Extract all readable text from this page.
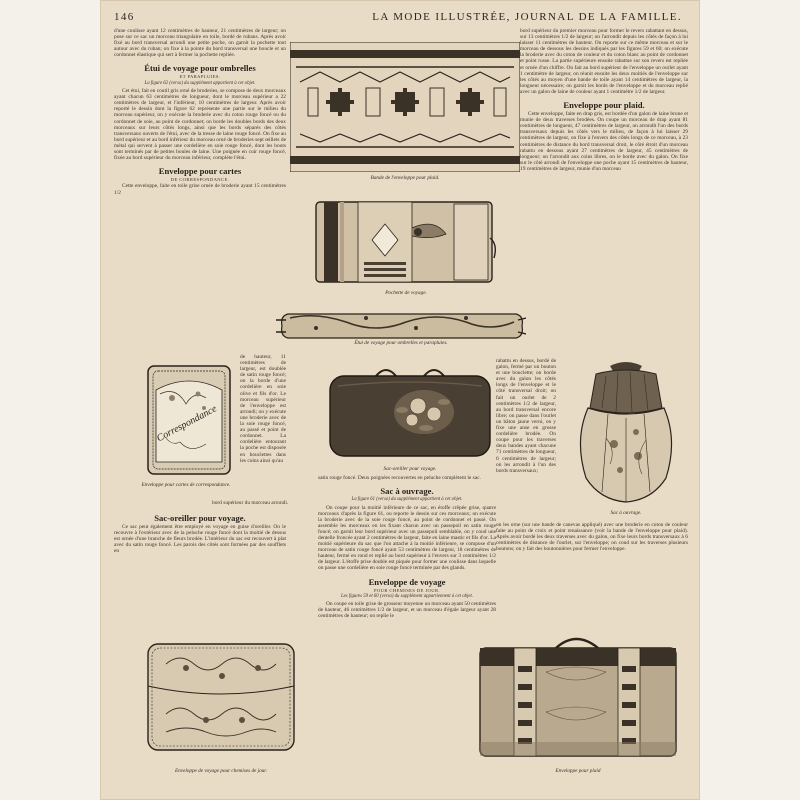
146	LA MODE ILLUSTRÉE, JOURNAL DE LA FAMILLE.

d'une coulisse ayant 12 centimètres de hauteur, 21 centimètres de largeur; on pose sur ce sac un morceau triangulaire en toile, bordé de rubans. Après avoir fixé au bord transversal arrondi une petite poche, on garnit la pochette tout autour avec du ruban; on fixe à la pointe du bord transversal une boucle et un cordonnet élastique qui sert à fermer la pochette repliée.

Étui de voyage pour ombrelles
ET PARAPLUIES.
La figure 62 (verso) du supplément appartient à cet objet.

Cet étui, fait en coutil gris orné de broderies, se compose de deux morceaux ayant chacun 63 centimètres de longueur, dont le morceau supérieur a 22 centimètres de largeur, et l'inférieur, 10 centimètres de largeur. Après avoir reporté le dessin dont la figure 62 représente une partie sur le milieu du morceau supérieur, on y exécute la broderie avec du coton rouge foncé ou du cordonnet de soie, au point de cordonnet; on borde les doubles bords des deux morceaux sur leurs côtés longs, ainsi que les bords séparés des côtés transversaux ouverts de l'étui, avec de la tresse de laine rouge foncé. On fixe au bord supérieur et au bord inférieur du morceau orné de broderies sept œillets de métal qui servent à passer une cordelière en soie rouge foncé, dont les bouts sont terminés par de petites boules de laine. Une poignée en cuir rouge foncé, fixée au bord supérieur du morceau inférieur, complète l'étui.

Enveloppe pour cartes
DE CORRESPONDANCE.

Cette enveloppe, faite en toile grise ornée de broderie ayant 15 centimètres 1/2

de hauteur, 11 centimètres de largeur, est doublée de satin rouge foncé; on la borde d'une cordelière en soie olive et fils d'or. Le morceau supérieur de l'enveloppe est arrondi; on y exécute une broderie avec de la soie rouge foncé, au passé et point de cordonnet. La cordelière entourant la poche est disposée en bouclettes dans les coins ainsi qu'au

Correspondance
Enveloppe pour cartes de correspondance.

bord supérieur du morceau arrondi.

Sac-oreiller pour voyage.

Ce sac peut également être employé en voyage en guise d'oreiller. On le recouvre à l'extérieur avec de la peluche rouge foncé dont la moitié de dessus est ornée d'une branche de fleurs brodée. L'intérieur du sac est recouvert à plat avec du satin rouge foncé. Les parois des côtés sont formées par des soufflets en

Bande de l'enveloppe pour plaid.
Pochette de voyage.
Étui de voyage pour ombrelles et parapluies.
Sac-oreiller pour voyage.

satin rouge foncé. Deux poignées recouvertes en peluche complètent le sac.

Sac à ouvrage.
La figure 61 (verso) du supplément appartient à cet objet.

On coupe pour la moitié inférieure de ce sac, en étoffe crêpée grise, quatre morceaux d'après la figure 61, ou reporte le dessin sur ces morceaux; on exécute la broderie avec de la soie rouge foncé, au point de cordonnet et passé. On assemble les morceaux en les fixant chacun avec un passepoil en satin rouge foncé; on garnit leur bord supérieur avec un passepoil semblable, on y coud une dentelle froncée ayant 2 centimètres de largeur, faite en laine mastic et fils d'or. La moitié supérieure du sac que l'on attache à la moitié inférieure, se compose d'un morceau de satin rouge foncé ayant 53 centimètres de largeur, 18 centimètres de hauteur, fermé en rond et replié au bord supérieur à l'envers sur 3 centimètres 1/2 de largeur. L'étoffe prise double est piquée pour former une coulisse dans laquelle on passe une cordelière en soie rouge foncé terminée par des glands.

Enveloppe de voyage
POUR CHEMISES DE JOUR.
Les figures 59 et 60 (verso) du supplément appartiennent à cet objet.

On coupe en toile grise de grosseur moyenne un morceau ayant 50 centimètres de hauteur, 46 centimètres 1/2 de largeur, et un morceau d'égale largeur ayant 28 centimètres de hauteur; on replie le

Enveloppe de voyage pour chemises de jour.

bord supérieur du premier morceau pour former le revers rabattant en dessus, sur 13 centimètres 1/2 de largeur; on l'arrondit depuis les côtés de façon à lui laisser 11 centimètres de hauteur. On reporte sur ce même morceau et sur le morceau de dessous les dessins indiqués par les figures 59 et 60; on exécute la broderie avec du coton de couleur et du coton blanc au point de cordonnet et point russe. La partie supérieure ensuite rabattue sur son revers est repliée et ornée d'un chiffre. On fait au bord supérieur de l'enveloppe un ourlet ayant 1 centimètre de largeur, on réunit ensuite les deux moitiés de l'enveloppe sur les côtés au moyen d'une bande de toile ayant 14 centimètres de largeur, la longueur nécessaire; on garnit les bords de l'enveloppe et du morceau replié avec un galon de laine de couleur ayant 1 centimètre 1/2 de largeur.

Enveloppe pour plaid.

Cette enveloppe, faite en drap gris, est bordée d'un galon de laine brune et munie de deux traverses brodées. On coupe un morceau de drap ayant 81 centimètres de longueur, 47 centimètres de largeur, on arrondit l'un des bords transversaux depuis les côtés vers le milieu, de façon à lui laisser 29 centimètres de largeur, on fixe à l'envers des côtés longs de ce morceau, à 23 centimètres de distance du bord transversal droit, le côté étroit d'un morceau rabattu en dessous ayant 27 centimètres de largeur, 45 centimètres de longueur; on l'arrondit aux coins libres, on le borde avec du galon. On fixe sur le côté arrondi de l'enveloppe une poche ayant 15 centimètres de hauteur, 19 centimètres de largeur, munie d'un morceau

rabattu en dessus, bordé de galon, fermé par un bouton et une bouclette; on borde avec du galon les côtés longs de l'enveloppe et le côté transversal droit; on fait un ourlet de 2 centimètres 1/2 de largeur, au bord transversal encore libre; on passe dans l'ourlet un bâton jaune verni, on y fixe une anse en grosse cordelière brodée. On coupe pour les traverses deux bandes ayant chacune 71 centimètres de longueur, 6 centimètres de largeur; on les arrondit à l'un des bords transversaux;

Sac à ouvrage.

on les orne (sur une bande de canevas appliqué) avec une broderie en coton de couleur faite au point de croix et point renaissance (voir la bande de l'enveloppe pour plaid). Après avoir bordé les deux traverses avec du galon, on fixe leurs bords transversaux à 6 centimètres de distance de l'ourlet, sur l'enveloppe; on coud sur les traverses plusieurs boutons; on y fait des boutonnières pour fermer l'enveloppe.

Enveloppe pour plaid
